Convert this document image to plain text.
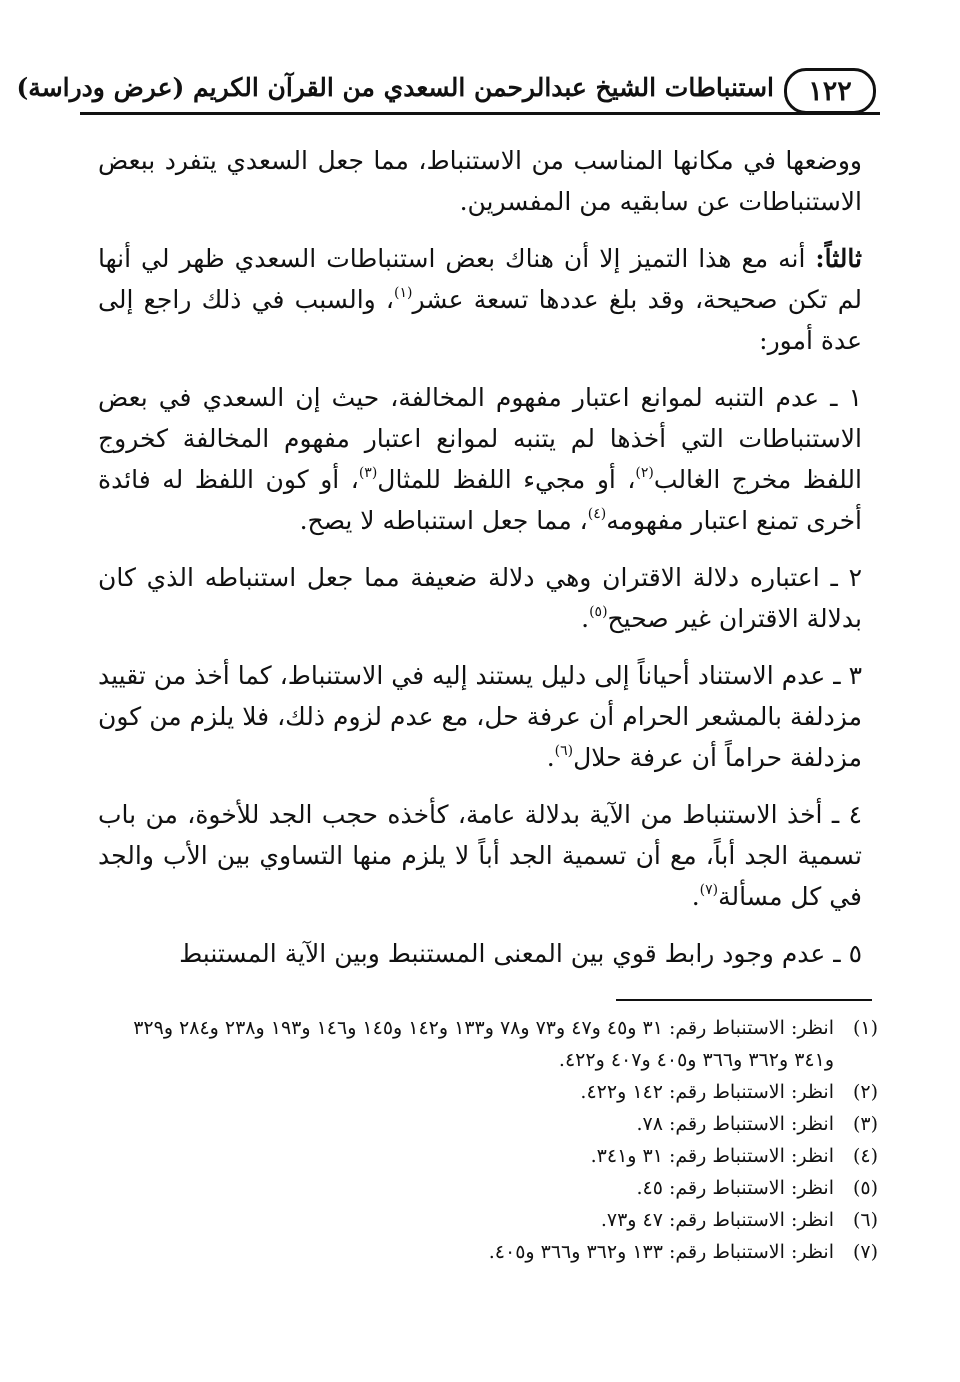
١٢٢
استنباطات الشيخ عبدالرحمن السعدي من القرآن الكريم (عرض ودراسة)

ووضعها في مكانها المناسب من الاستنباط، مما جعل السعدي يتفرد ببعض الاستنباطات عن سابقيه من المفسرين.

ثالثاً: أنه مع هذا التميز إلا أن هناك بعض استنباطات السعدي ظهر لي أنها لم تكن صحيحة، وقد بلغ عددها تسعة عشر$^{(١)}$، والسبب في ذلك راجع إلى عدة أمور:

١ ـ عدم التنبه لموانع اعتبار مفهوم المخالفة، حيث إن السعدي في بعض الاستنباطات التي أخذها لم يتنبه لموانع اعتبار مفهوم المخالفة كخروج اللفظ مخرج الغالب$^{(٢)}$، أو مجيء اللفظ للمثال$^{(٣)}$، أو كون اللفظ له فائدة أخرى تمنع اعتبار مفهومه$^{(٤)}$، مما جعل استنباطه لا يصح.

٢ ـ اعتباره دلالة الاقتران وهي دلالة ضعيفة مما جعل استنباطه الذي كان بدلالة الاقتران غير صحيح$^{(٥)}$.

٣ ـ عدم الاستناد أحياناً إلى دليل يستند إليه في الاستنباط، كما أخذ من تقييد مزدلفة بالمشعر الحرام أن عرفة حل، مع عدم لزوم ذلك، فلا يلزم من كون مزدلفة حراماً أن عرفة حلال$^{(٦)}$.

٤ ـ أخذ الاستنباط من الآية بدلالة عامة، كأخذه حجب الجد للأخوة، من باب تسمية الجد أباً، مع أن تسمية الجد أباً لا يلزم منها التساوي بين الأب والجد في كل مسألة$^{(٧)}$.

٥ ـ عدم وجود رابط قوي بين المعنى المستنبط وبين الآية المستنبط

(١)
انظر: الاستنباط رقم: ٣١ و٤٥ و٤٧ و٧٣ و٧٨ و١٣٣ و١٤٢ و١٤٥ و١٤٦ و١٩٣ و٢٣٨ و٢٨٤ و٣٢٩ و٣٤١ و٣٦٢ و٣٦٦ و٤٠٥ و٤٠٧ و٤٢٢.
(٢)
انظر: الاستنباط رقم: ١٤٢ و٤٢٢.
(٣)
انظر: الاستنباط رقم: ٧٨.
(٤)
انظر: الاستنباط رقم: ٣١ و٣٤١.
(٥)
انظر: الاستنباط رقم: ٤٥.
(٦)
انظر: الاستنباط رقم: ٤٧ و٧٣.
(٧)
انظر: الاستنباط رقم: ١٣٣ و٣٦٢ و٣٦٦ و٤٠٥.
